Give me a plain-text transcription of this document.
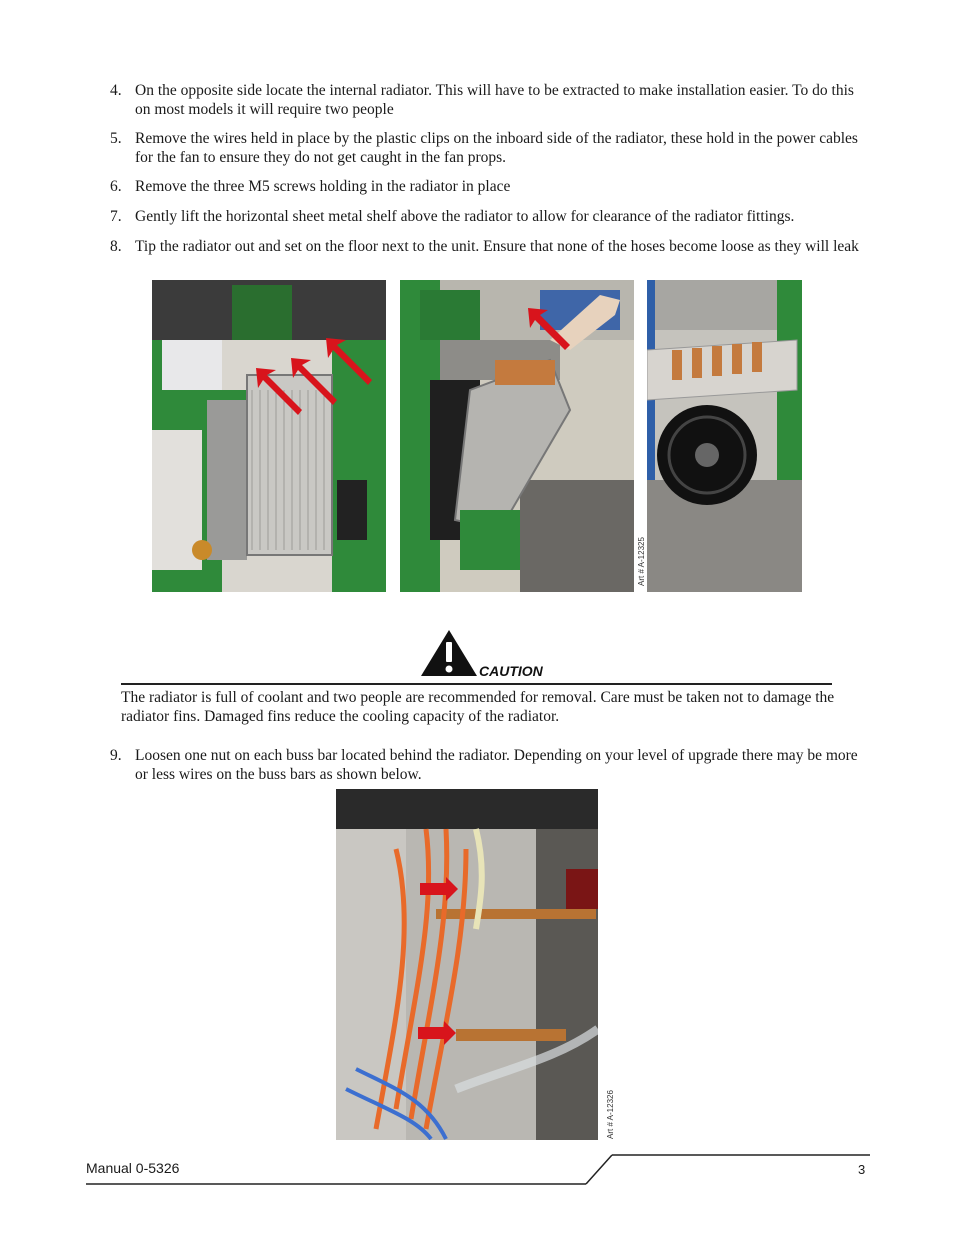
4. On the opposite side locate the internal radiator. This will have to be extracted to make installation easier. To do this on most models it will require two people
5. Remove the wires held in place by the plastic clips on the inboard side of the radiator, these hold in the power cables for the fan to ensure they do not get caught in the fan props.
6. Remove the three M5 screws holding in the radiator in place
7. Gently lift the horizontal sheet metal shelf above the radiator to allow for clearance of the radiator fittings.
8. Tip the radiator out and set on the floor next to the unit. Ensure that none of the hoses become loose as they will leak
Art # A-12325
CAUTION
The radiator is full of coolant and two people are recommended for removal. Care must be taken not to damage the radiator fins. Damaged fins reduce the cooling capacity of the radiator.
9. Loosen one nut on each buss bar located behind the radiator. Depending on your level of upgrade there may be more or less wires on the buss bars as shown below.
Art # A-12326
Manual 0-5326	3
